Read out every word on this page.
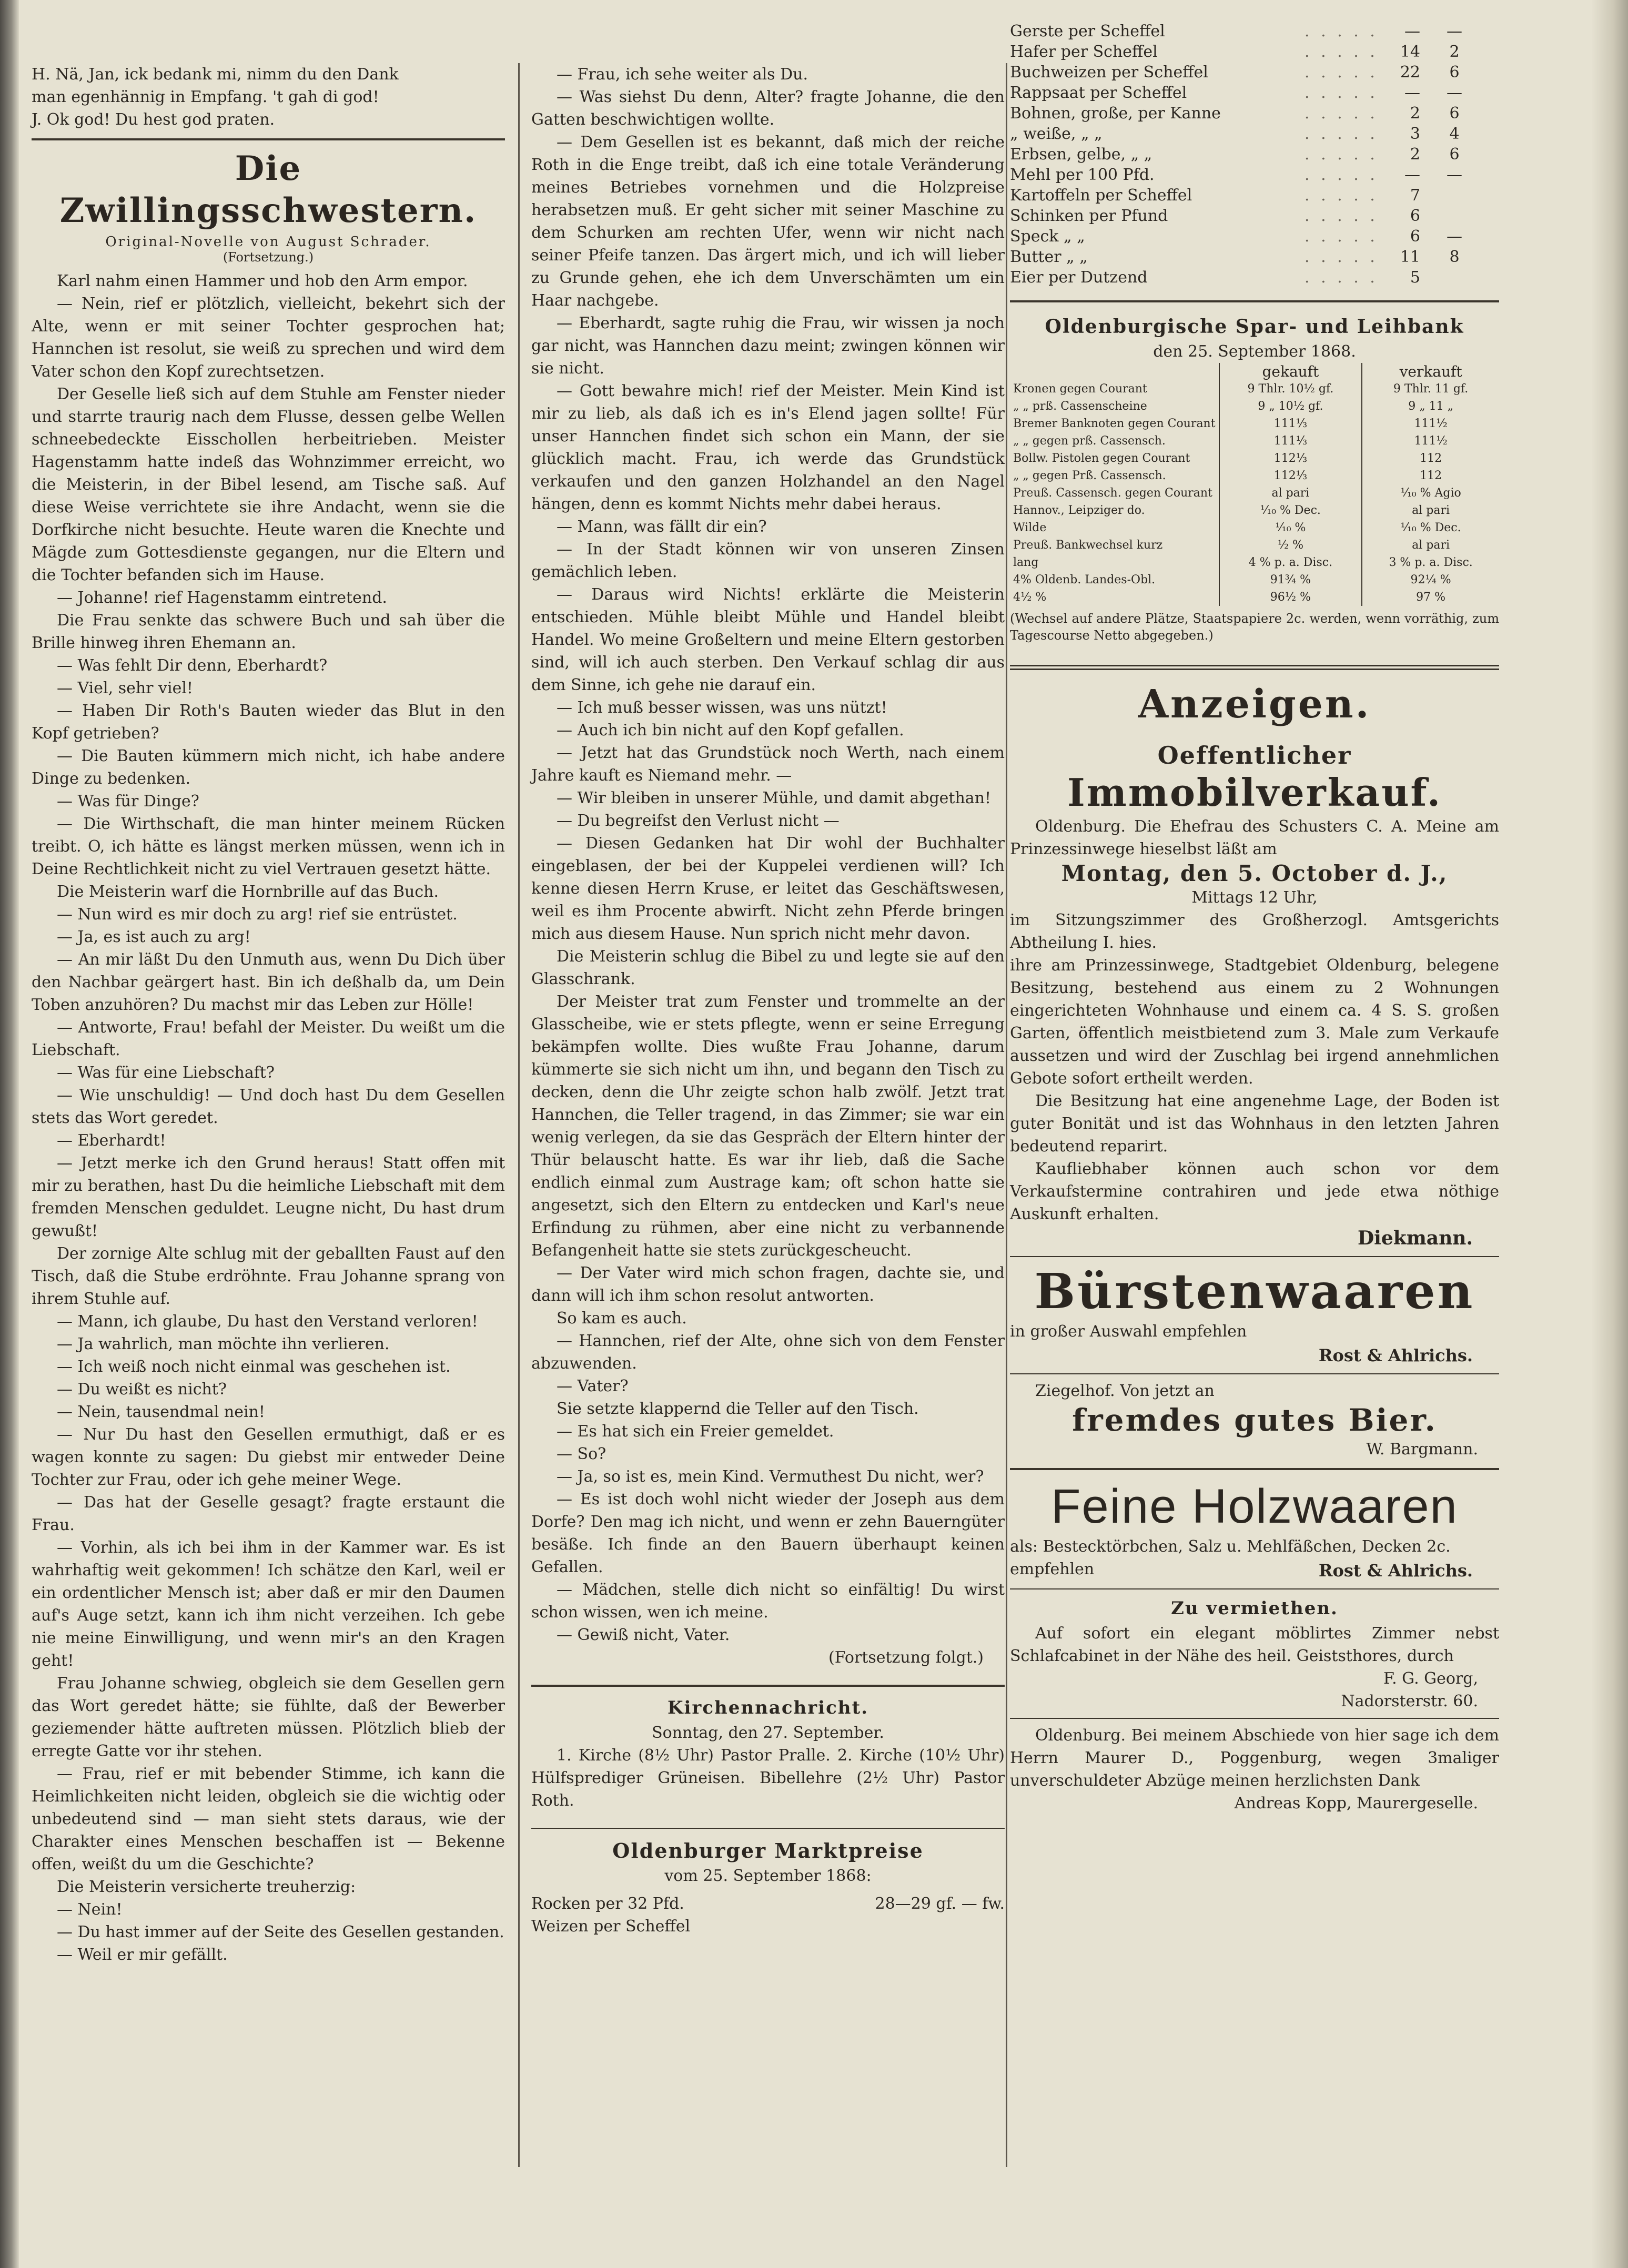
H. Nä, Jan, ick bedank mi, nimm du den Dank

man egenhännig in Empfang. 't gah di god!

J. Ok god! Du hest god praten.

Die Zwillingsschwestern.
Original-Novelle von August Schrader.
(Fortsetzung.)

Karl nahm einen Hammer und hob den Arm empor.

— Nein, rief er plötzlich, vielleicht, bekehrt sich der Alte, wenn er mit seiner Tochter gesprochen hat; Hannchen ist resolut, sie weiß zu sprechen und wird dem Vater schon den Kopf zurechtsetzen.

Der Geselle ließ sich auf dem Stuhle am Fenster nieder und starrte traurig nach dem Flusse, dessen gelbe Wellen schneebedeckte Eisschollen herbeitrieben. Meister Hagenstamm hatte indeß das Wohnzimmer erreicht, wo die Meisterin, in der Bibel lesend, am Tische saß. Auf diese Weise verrichtete sie ihre Andacht, wenn sie die Dorfkirche nicht besuchte. Heute waren die Knechte und Mägde zum Gottesdienste gegangen, nur die Eltern und die Tochter befanden sich im Hause.

— Johanne! rief Hagenstamm eintretend.

Die Frau senkte das schwere Buch und sah über die Brille hinweg ihren Ehemann an.

— Was fehlt Dir denn, Eberhardt?

— Viel, sehr viel!

— Haben Dir Roth's Bauten wieder das Blut in den Kopf getrieben?

— Die Bauten kümmern mich nicht, ich habe andere Dinge zu bedenken.

— Was für Dinge?

— Die Wirthschaft, die man hinter meinem Rücken treibt. O, ich hätte es längst merken müssen, wenn ich in Deine Rechtlichkeit nicht zu viel Vertrauen gesetzt hätte.

Die Meisterin warf die Hornbrille auf das Buch.

— Nun wird es mir doch zu arg! rief sie entrüstet.

— Ja, es ist auch zu arg!

— An mir läßt Du den Unmuth aus, wenn Du Dich über den Nachbar geärgert hast. Bin ich deßhalb da, um Dein Toben anzuhören? Du machst mir das Leben zur Hölle!

— Antworte, Frau! befahl der Meister. Du weißt um die Liebschaft.

— Was für eine Liebschaft?

— Wie unschuldig! — Und doch hast Du dem Gesellen stets das Wort geredet.

— Eberhardt!

— Jetzt merke ich den Grund heraus! Statt offen mit mir zu berathen, hast Du die heimliche Liebschaft mit dem fremden Menschen geduldet. Leugne nicht, Du hast drum gewußt!

Der zornige Alte schlug mit der geballten Faust auf den Tisch, daß die Stube erdröhnte. Frau Johanne sprang von ihrem Stuhle auf.

— Mann, ich glaube, Du hast den Verstand verloren!

— Ja wahrlich, man möchte ihn verlieren.

— Ich weiß noch nicht einmal was geschehen ist.

— Du weißt es nicht?

— Nein, tausendmal nein!

— Nur Du hast den Gesellen ermuthigt, daß er es wagen konnte zu sagen: Du giebst mir entweder Deine Tochter zur Frau, oder ich gehe meiner Wege.

— Das hat der Geselle gesagt? fragte erstaunt die Frau.

— Vorhin, als ich bei ihm in der Kammer war. Es ist wahrhaftig weit gekommen! Ich schätze den Karl, weil er ein ordentlicher Mensch ist; aber daß er mir den Daumen auf's Auge setzt, kann ich ihm nicht verzeihen. Ich gebe nie meine Einwilligung, und wenn mir's an den Kragen geht!

Frau Johanne schwieg, obgleich sie dem Gesellen gern das Wort geredet hätte; sie fühlte, daß der Bewerber geziemender hätte auftreten müssen. Plötzlich blieb der erregte Gatte vor ihr stehen.

— Frau, rief er mit bebender Stimme, ich kann die Heimlichkeiten nicht leiden, obgleich sie die wichtig oder unbedeutend sind — man sieht stets daraus, wie der Charakter eines Menschen beschaffen ist — Bekenne offen, weißt du um die Geschichte?

Die Meisterin versicherte treuherzig:

— Nein!

— Du hast immer auf der Seite des Gesellen gestanden.

— Weil er mir gefällt.

— Frau, ich sehe weiter als Du.

— Was siehst Du denn, Alter? fragte Johanne, die den Gatten beschwichtigen wollte.

— Dem Gesellen ist es bekannt, daß mich der reiche Roth in die Enge treibt, daß ich eine totale Veränderung meines Betriebes vornehmen und die Holzpreise herabsetzen muß. Er geht sicher mit seiner Maschine zu dem Schurken am rechten Ufer, wenn wir nicht nach seiner Pfeife tanzen. Das ärgert mich, und ich will lieber zu Grunde gehen, ehe ich dem Unverschämten um ein Haar nachgebe.

— Eberhardt, sagte ruhig die Frau, wir wissen ja noch gar nicht, was Hannchen dazu meint; zwingen können wir sie nicht.

— Gott bewahre mich! rief der Meister. Mein Kind ist mir zu lieb, als daß ich es in's Elend jagen sollte! Für unser Hannchen findet sich schon ein Mann, der sie glücklich macht. Frau, ich werde das Grundstück verkaufen und den ganzen Holzhandel an den Nagel hängen, denn es kommt Nichts mehr dabei heraus.

— Mann, was fällt dir ein?

— In der Stadt können wir von unseren Zinsen gemächlich leben.

— Daraus wird Nichts! erklärte die Meisterin entschieden. Mühle bleibt Mühle und Handel bleibt Handel. Wo meine Großeltern und meine Eltern gestorben sind, will ich auch sterben. Den Verkauf schlag dir aus dem Sinne, ich gehe nie darauf ein.

— Ich muß besser wissen, was uns nützt!

— Auch ich bin nicht auf den Kopf gefallen.

— Jetzt hat das Grundstück noch Werth, nach einem Jahre kauft es Niemand mehr. —

— Wir bleiben in unserer Mühle, und damit abgethan!

— Du begreifst den Verlust nicht —

— Diesen Gedanken hat Dir wohl der Buchhalter eingeblasen, der bei der Kuppelei verdienen will? Ich kenne diesen Herrn Kruse, er leitet das Geschäftswesen, weil es ihm Procente abwirft. Nicht zehn Pferde bringen mich aus diesem Hause. Nun sprich nicht mehr davon.

Die Meisterin schlug die Bibel zu und legte sie auf den Glasschrank.

Der Meister trat zum Fenster und trommelte an der Glasscheibe, wie er stets pflegte, wenn er seine Erregung bekämpfen wollte. Dies wußte Frau Johanne, darum kümmerte sie sich nicht um ihn, und begann den Tisch zu decken, denn die Uhr zeigte schon halb zwölf. Jetzt trat Hannchen, die Teller tragend, in das Zimmer; sie war ein wenig verlegen, da sie das Gespräch der Eltern hinter der Thür belauscht hatte. Es war ihr lieb, daß die Sache endlich einmal zum Austrage kam; oft schon hatte sie angesetzt, sich den Eltern zu entdecken und Karl's neue Erfindung zu rühmen, aber eine nicht zu verbannende Befangenheit hatte sie stets zurückgescheucht.

— Der Vater wird mich schon fragen, dachte sie, und dann will ich ihm schon resolut antworten.

So kam es auch.

— Hannchen, rief der Alte, ohne sich von dem Fenster abzuwenden.

— Vater?

Sie setzte klappernd die Teller auf den Tisch.

— Es hat sich ein Freier gemeldet.

— So?

— Ja, so ist es, mein Kind. Vermuthest Du nicht, wer?

— Es ist doch wohl nicht wieder der Joseph aus dem Dorfe? Den mag ich nicht, und wenn er zehn Bauerngüter besäße. Ich finde an den Bauern überhaupt keinen Gefallen.

— Mädchen, stelle dich nicht so einfältig! Du wirst schon wissen, wen ich meine.

— Gewiß nicht, Vater.

(Fortsetzung folgt.)
Kirchennachricht.

Sonntag, den 27. September.

1. Kirche (8½ Uhr) Pastor Pralle. 2. Kirche (10½ Uhr) Hülfsprediger Grüneisen. Bibellehre (2½ Uhr) Pastor Roth.

Oldenburger Marktpreise

vom 25. September 1868:

Rocken per 32 Pfd.	28—29 gf. — fw.
Weizen per Scheffel
Gerste per Scheffel	. . . . .	—	—
Hafer per Scheffel	. . . . .	14	2
Buchweizen per Scheffel	. . . . .	22	6
Rappsaat per Scheffel	. . . . .	—	—
Bohnen, große, per Kanne	. . . . .	2	6
„ weiße, „ „	. . . . .	3	4
Erbsen, gelbe, „ „	. . . . .	2	6
Mehl per 100 Pfd.	. . . . .	—	—
Kartoffeln per Scheffel	. . . . .	7	
Schinken per Pfund	. . . . .	6	
Speck „ „	. . . . .	6	—
Butter „ „	. . . . .	11	8
Eier per Dutzend	. . . . .	5	
Oldenburgische Spar- und Leihbank

den 25. September 1868.

	gekauft	verkauft
Kronen gegen Courant	9 Thlr. 10½ gf.	9 Thlr. 11 gf.
„ „ prß. Cassenscheine	9 „ 10½ gf.	9 „ 11 „
Bremer Banknoten gegen Courant	111⅓	111½
„ „ gegen prß. Cassensch.	111⅓	111½
Bollw. Pistolen gegen Courant	112⅓	112
„ „ gegen Prß. Cassensch.	112⅓	112
Preuß. Cassensch. gegen Courant	al pari	¹⁄₁₀ % Agio
Hannov., Leipziger do.	¹⁄₁₀ % Dec.	al pari
Wilde	¹⁄₁₀ %	¹⁄₁₀ % Dec.
Preuß. Bankwechsel kurz	½ %	al pari
lang	4 % p. a. Disc.	3 % p. a. Disc.
4% Oldenb. Landes-Obl.	91¾ %	92¼ %
4½ %	96½ %	97 %

(Wechsel auf andere Plätze, Staatspapiere 2c. werden, wenn vorräthig, zum Tagescourse Netto abgegeben.)

Anzeigen.
Oeffentlicher
Immobilverkauf.

Oldenburg. Die Ehefrau des Schusters C. A. Meine am Prinzessinwege hieselbst läßt am

Montag, den 5. October d. J.,

Mittags 12 Uhr,

im Sitzungszimmer des Großherzogl. Amtsgerichts Abtheilung I. hies.

ihre am Prinzessinwege, Stadtgebiet Oldenburg, belegene Besitzung, bestehend aus einem zu 2 Wohnungen eingerichteten Wohnhause und einem ca. 4 S. S. großen Garten, öffentlich meistbietend zum 3. Male zum Verkaufe aussetzen und wird der Zuschlag bei irgend annehmlichen Gebote sofort ertheilt werden.

Die Besitzung hat eine angenehme Lage, der Boden ist guter Bonität und ist das Wohnhaus in den letzten Jahren bedeutend reparirt.

Kaufliebhaber können auch schon vor dem Verkaufstermine contrahiren und jede etwa nöthige Auskunft erhalten.

Diekmann.
Bürstenwaaren

in großer Auswahl empfehlen

Rost & Ahlrichs.

Ziegelhof. Von jetzt an

fremdes gutes Bier.
W. Bargmann.
Feine Holzwaaren

als: Bestecktörbchen, Salz u. Mehlfäßchen, Decken 2c.

empfehlen	Rost & Ahlrichs.
Zu vermiethen.

Auf sofort ein elegant möblirtes Zimmer nebst Schlafcabinet in der Nähe des heil. Geiststhores, durch

F. G. Georg,
Nadorsterstr. 60.

Oldenburg. Bei meinem Abschiede von hier sage ich dem Herrn Maurer D., Poggenburg, wegen 3maliger unverschuldeter Abzüge meinen herzlichsten Dank

Andreas Kopp, Maurergeselle.
